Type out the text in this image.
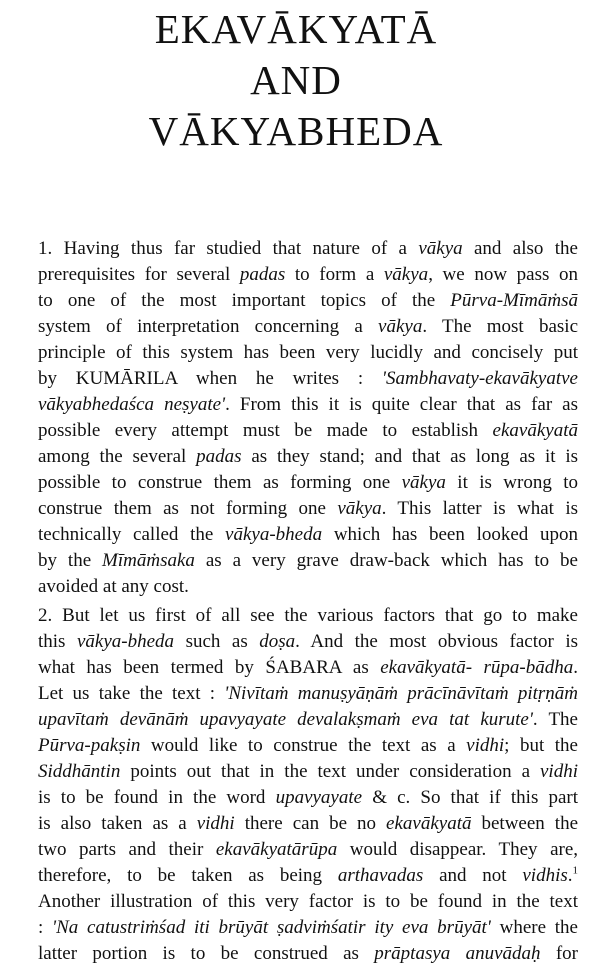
EKAVĀKYATĀ
AND
VĀKYABHEDA

1. Having thus far studied that nature of a vākya and also the
prerequisites for several padas to form a vākya, we now pass on
to one of the most important topics of the Pūrva-Mīmāṁsā
system of interpretation concerning a vākya. The most basic
principle of this system has been very lucidly and concisely put
by KUMĀRILA when he writes : 'Sambhavaty-ekavākyatve
vākyabhedaśca neṣyate'. From this it is quite clear that as far as
possible every attempt must be made to establish ekavākyatā
among the several padas as they stand; and that as long as it is
possible to construe them as forming one vākya it is wrong to
construe them as not forming one vākya. This latter is what is
technically called the vākya-bheda which has been looked upon
by the Mīmāṁsaka as a very grave draw-back which has to be
avoided at any cost.

2. But let us first of all see the various factors that go to make
this vākya-bheda such as doṣa. And the most obvious factor is
what has been termed by ŚABARA as ekavākyatā- rūpa-bādha.
Let us take the text : 'Nivītaṁ manuṣyāṇāṁ prācīnāvītaṁ pitṛṇāṁ
upavītaṁ devānāṁ upavyayate devalakṣmaṁ eva tat kurute'. The
Pūrva-pakṣin would like to construe the text as a vidhi; but the
Siddhāntin points out that in the text under consideration a vidhi
is to be found in the word upavyayate & c. So that if this part
is also taken as a vidhi there can be no ekavākyatā between the
two parts and their ekavākyatārūpa would disappear. They are,
therefore, to be taken as being arthavadas and not vidhis.$^1$
Another illustration of this very factor is to be found in the text
: 'Na catustriṁśad iti brūyāt ṣadviṁśatir ity eva brūyāt' where the
latter portion is to be construed as prāptasya anuvādaḥ for
